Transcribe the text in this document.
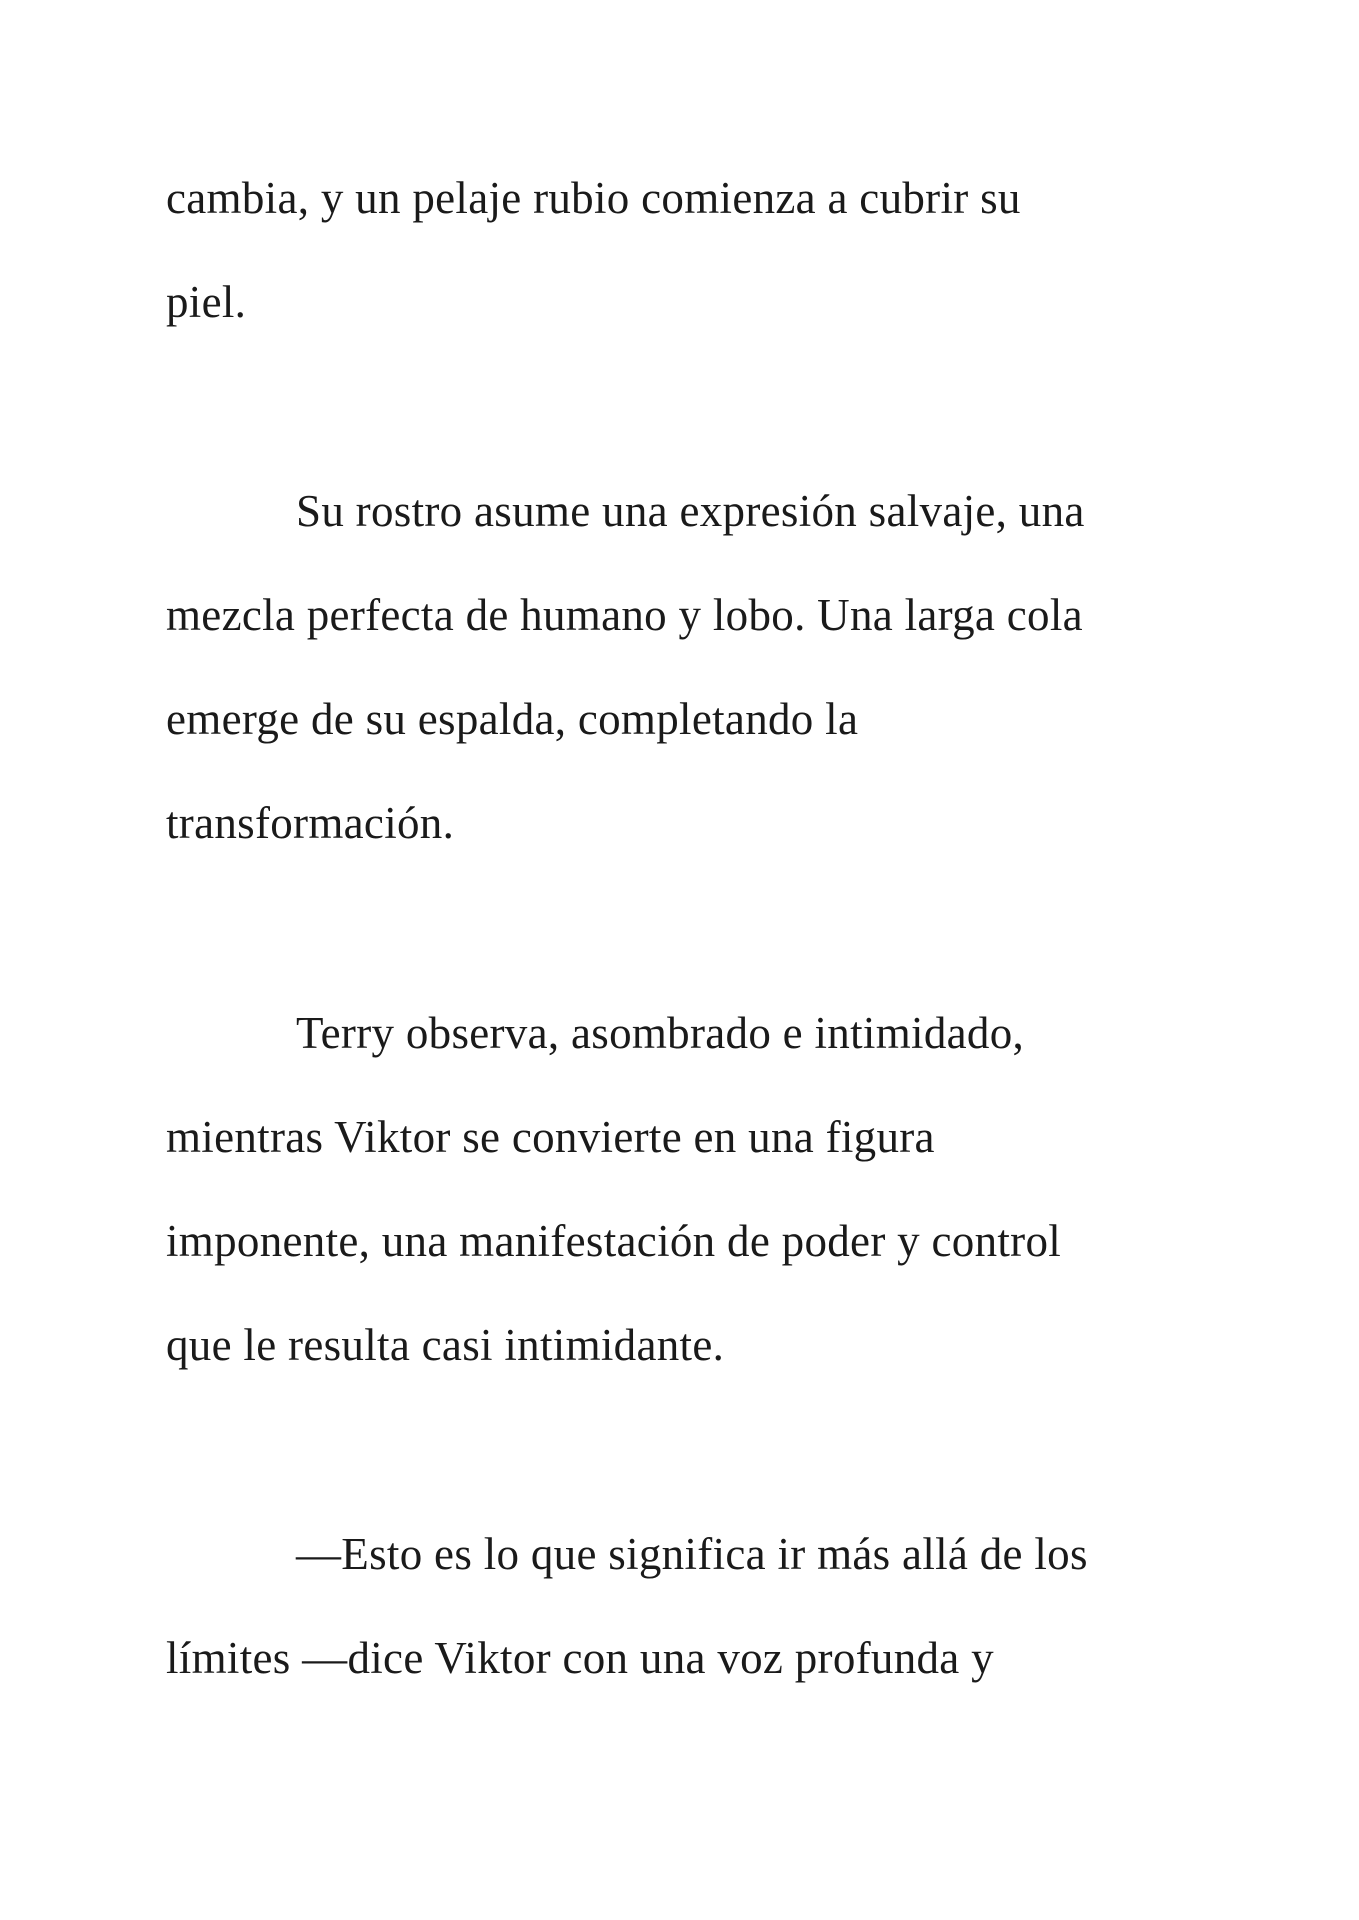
cambia, y un pelaje rubio comienza a cubrir su

piel.

Su rostro asume una expresión salvaje, una

mezcla perfecta de humano y lobo. Una larga cola

emerge de su espalda, completando la

transformación.

Terry observa, asombrado e intimidado,

mientras Viktor se convierte en una figura

imponente, una manifestación de poder y control

que le resulta casi intimidante.

—Esto es lo que significa ir más allá de los

límites —dice Viktor con una voz profunda y
